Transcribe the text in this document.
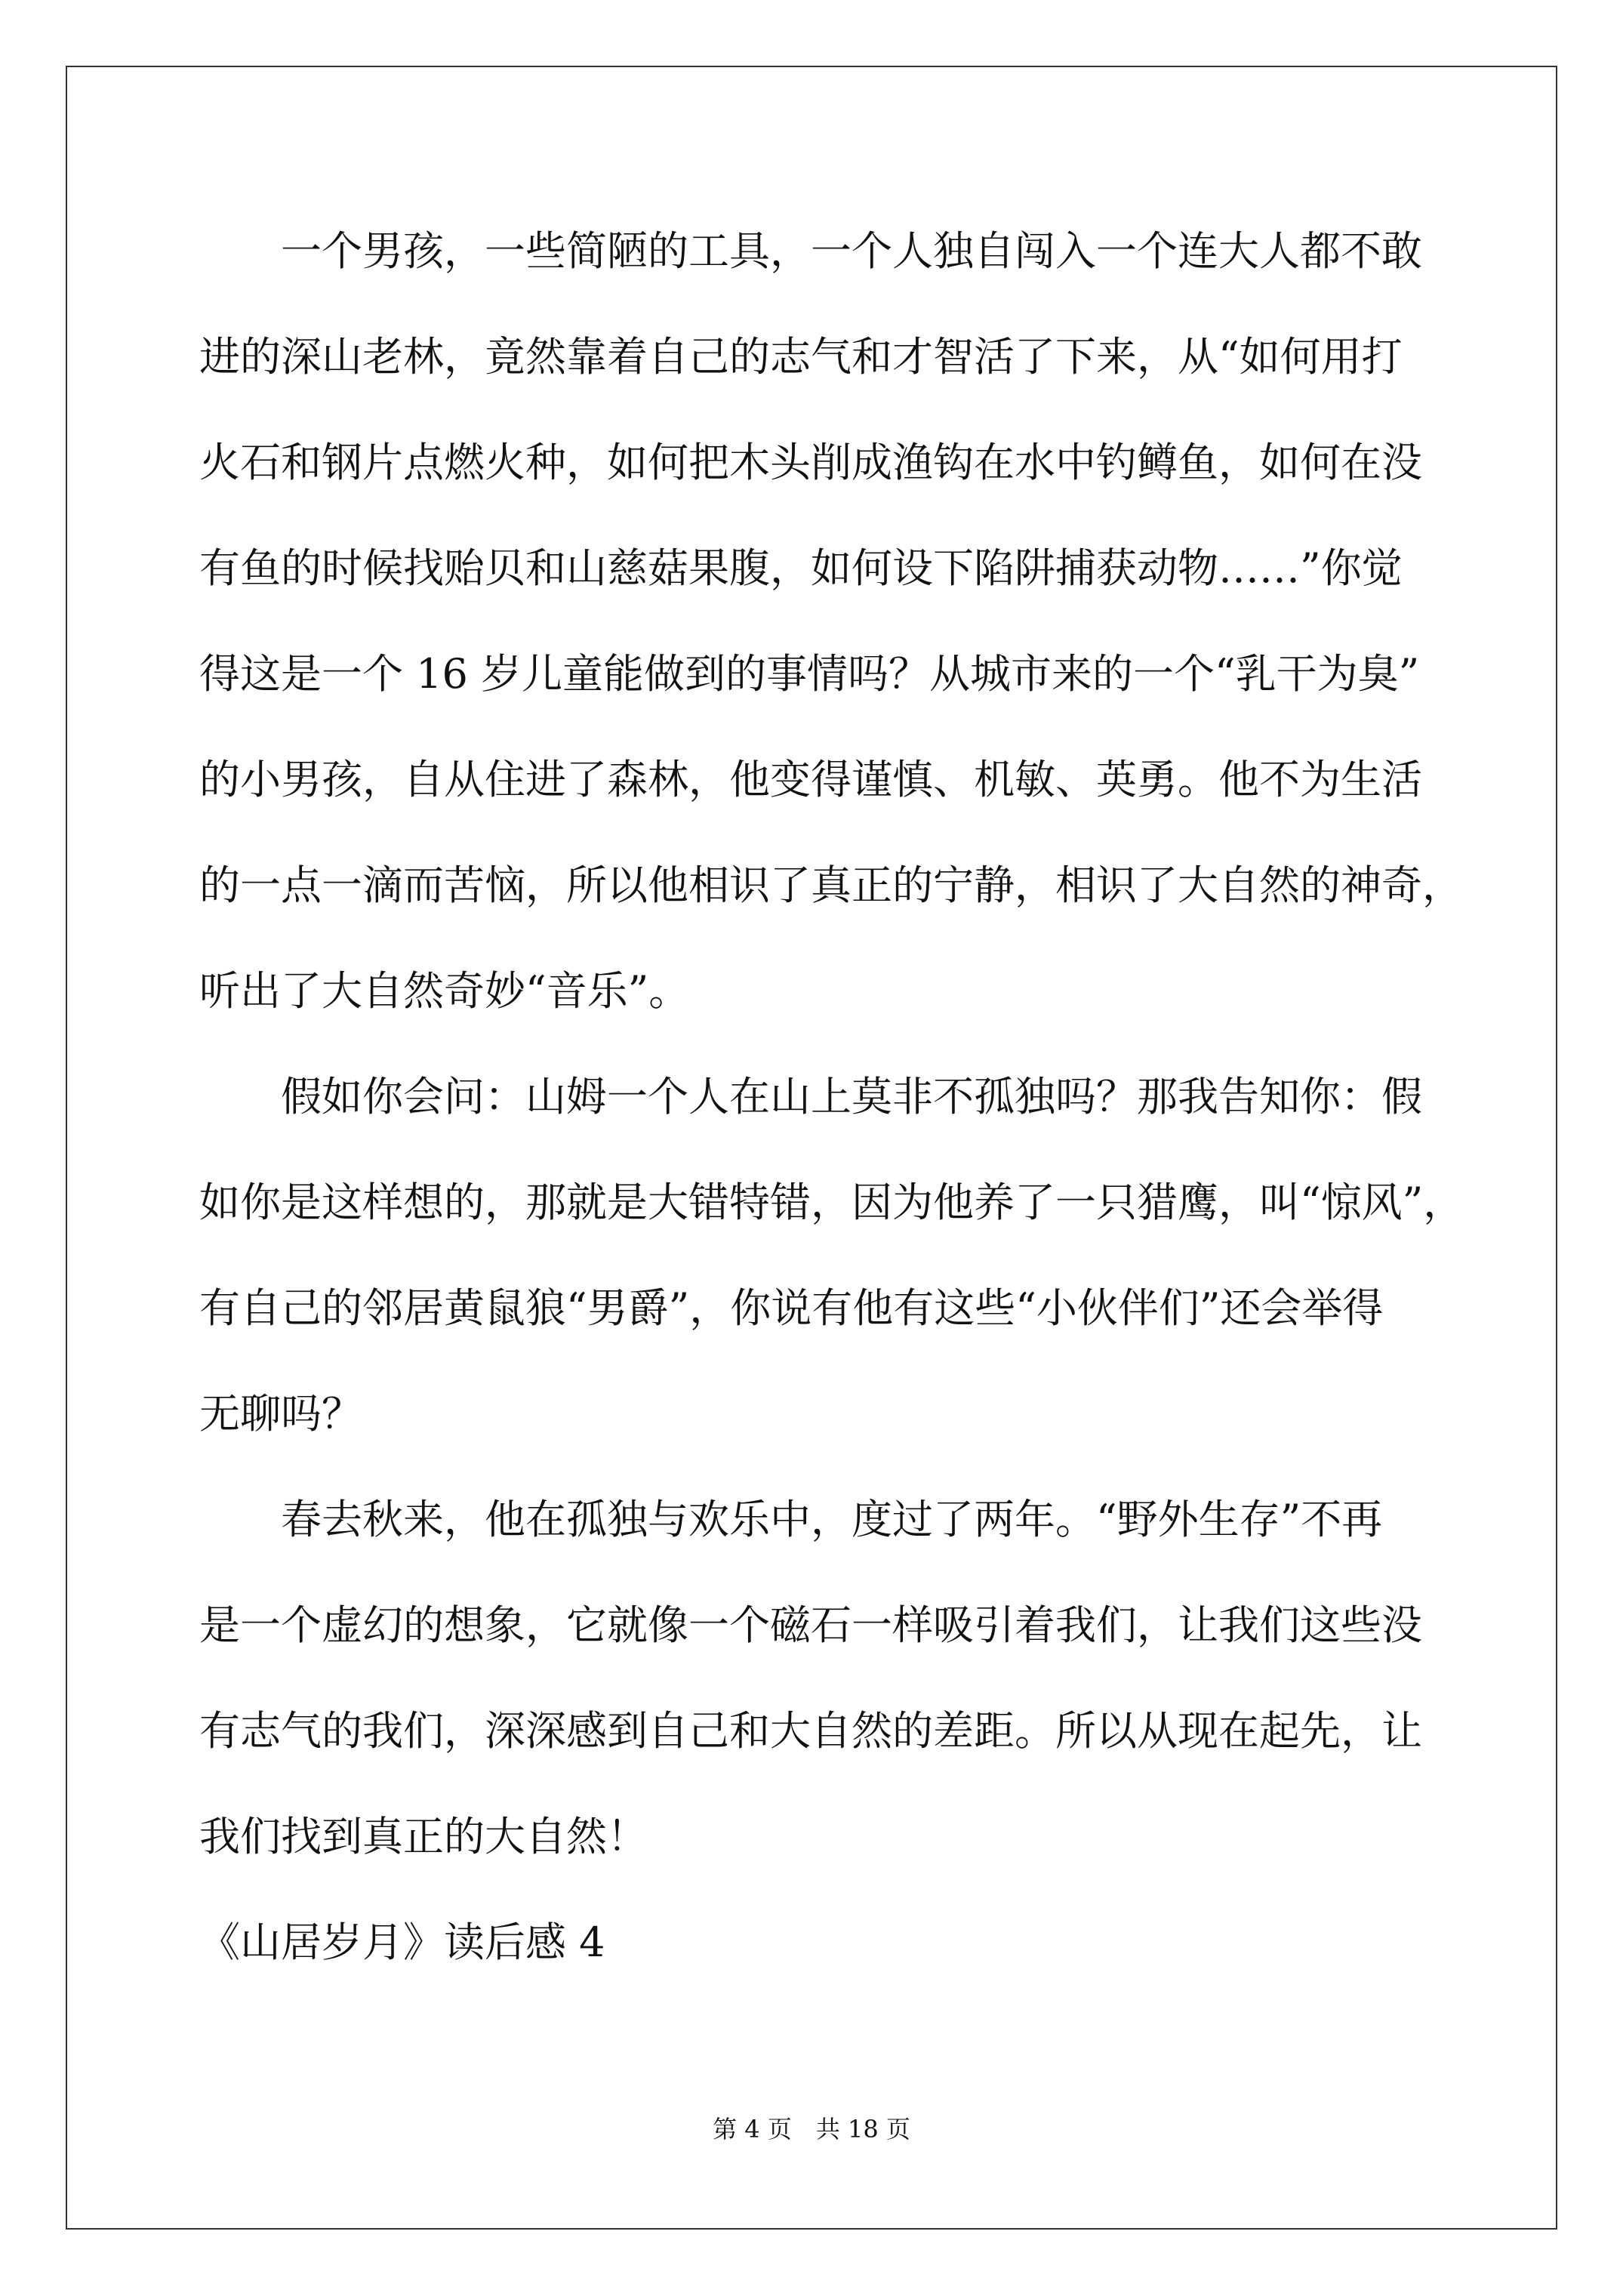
一个男孩，一些简陋的工具，一个人独自闯入一个连大人都不敢
进的深山老林，竟然靠着自己的志气和才智活了下来，从“如何用打
火石和钢片点燃火种，如何把木头削成渔钩在水中钓鳟鱼，如何在没
有鱼的时候找贻贝和山慈菇果腹，如何设下陷阱捕获动物……”你觉
得这是一个 16 岁儿童能做到的事情吗？从城市来的一个“乳干为臭”
的小男孩，自从住进了森林，他变得谨慎、机敏、英勇。他不为生活
的一点一滴而苦恼，所以他相识了真正的宁静，相识了大自然的神奇，
听出了大自然奇妙“音乐”。
假如你会问：山姆一个人在山上莫非不孤独吗？那我告知你：假
如你是这样想的，那就是大错特错，因为他养了一只猎鹰，叫“惊风”，
有自己的邻居黄鼠狼“男爵”，你说有他有这些“小伙伴们”还会举得
无聊吗？
春去秋来，他在孤独与欢乐中，度过了两年。“野外生存”不再
是一个虚幻的想象，它就像一个磁石一样吸引着我们，让我们这些没
有志气的我们，深深感到自己和大自然的差距。所以从现在起先，让
我们找到真正的大自然！
《山居岁月》读后感 4
第 4 页　共 18 页
